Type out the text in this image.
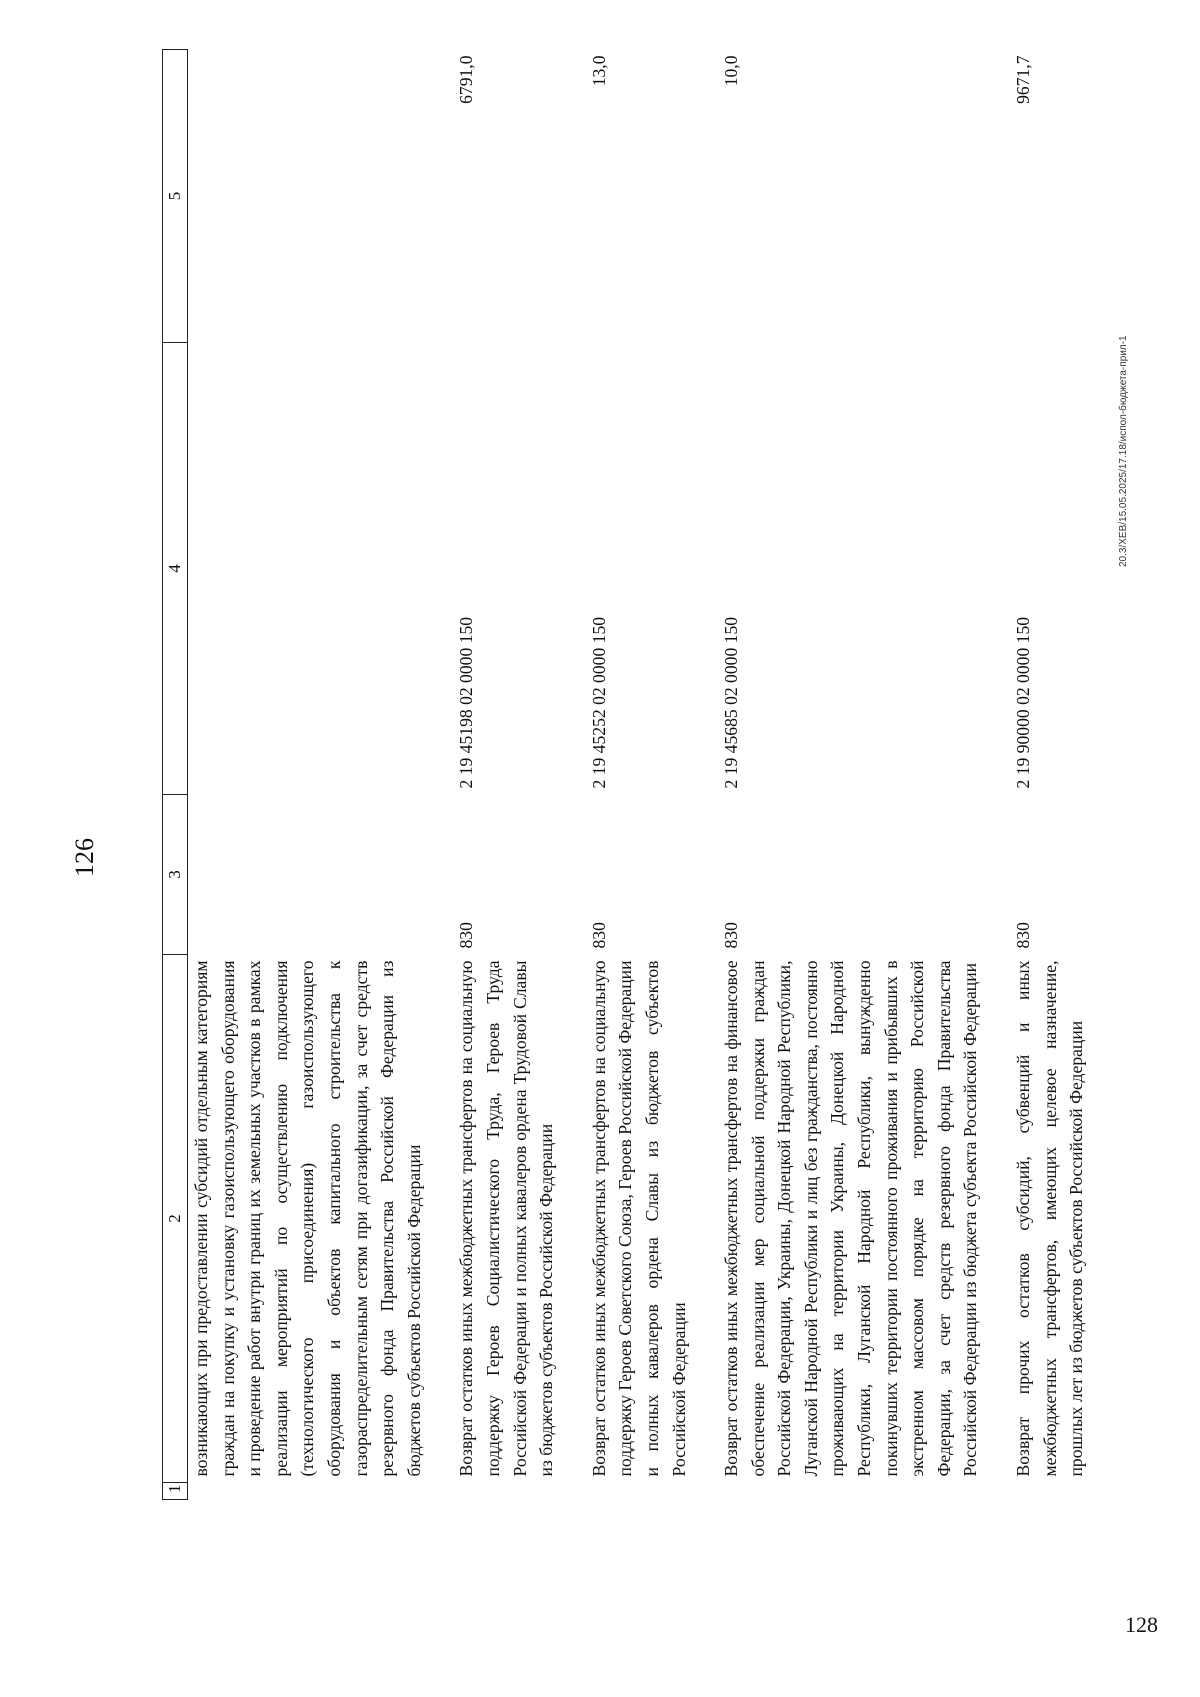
126
1	2	3	4	5
	возникающих при предоставлении субсидий отдельным категориям граждан на покупку и установку газоиспользующего оборудования и проведение работ внутри границ их земельных участков в рамках реализации мероприятий по осуществлению подключения (технологического присоединения) газоиспользующего оборудования и объектов капитального строительства к газораспределительным сетям при догазификации, за счет средств резервного фонда Правительства Российской Федерации из бюджетов субъектов Российской Федерации			

	Возврат остатков иных межбюджетных трансфертов на социальную поддержку Героев Социалистического Труда, Героев Труда Российской Федерации и полных кавалеров ордена Трудовой Славы из бюджетов субъектов Российской Федерации	830	2 19 45198 02 0000 150	6791,0

	Возврат остатков иных межбюджетных трансфертов на социальную поддержку Героев Советского Союза, Героев Российской Федерации и полных кавалеров ордена Славы из бюджетов субъектов Российской Федерации	830	2 19 45252 02 0000 150	13,0

	Возврат остатков иных межбюджетных трансфертов на финансовое обеспечение реализации мер социальной поддержки граждан Российской Федерации, Украины, Донецкой Народной Республики, Луганской Народной Республики и лиц без гражданства, постоянно проживающих на территории Украины, Донецкой Народной Республики, Луганской Народной Республики, вынужденно покинувших территории постоянного проживания и прибывших в экстренном массовом порядке на территорию Российской Федерации, за счет средств резервного фонда Правительства Российской Федерации из бюджета субъекта Российской Федерации	830	2 19 45685 02 0000 150	10,0

	Возврат прочих остатков субсидий, субвенций и иных межбюджетных трансфертов, имеющих целевое назначение, прошлых лет из бюджетов субъектов Российской Федерации	830	2 19 90000 02 0000 150	9671,7
20.3/ХЕВ/15.05.2025/17.18/испол-бюджета-прил-1
128
